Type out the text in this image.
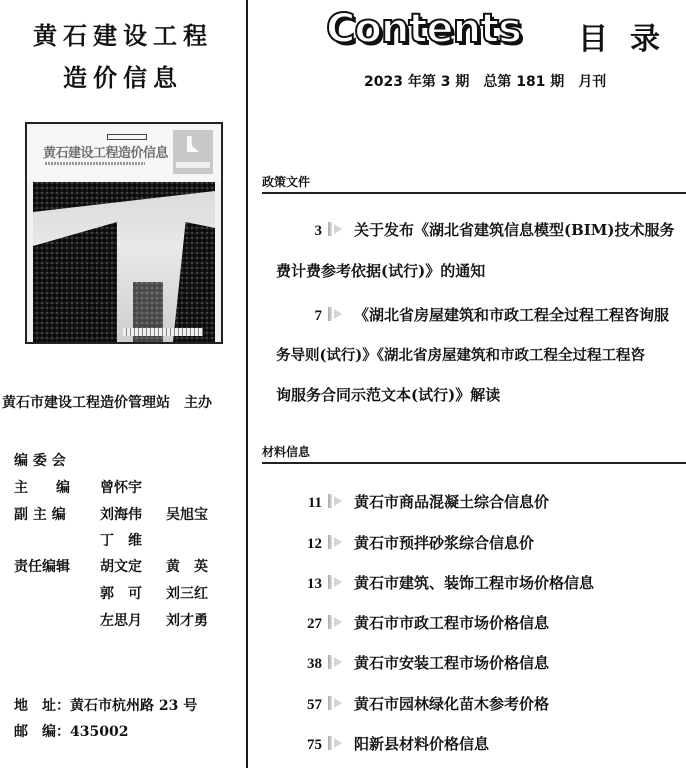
黄石建设工程
造价信息
黄石建设工程造价信息
黄石市建设工程造价管理站 主办
编 委 会
主　　编 曾怀宇
副 主 编 刘海伟 吴旭宝
丁　维
责任编辑 胡文定 黄　英
郭　可 刘三红
左思月 刘才勇
地　址：黄石市杭州路 23 号
邮　编：435002
Contents 目录
2023 年第 3 期 总第 181 期 月刊
政策文件
3 关于发布《湖北省建筑信息模型(BIM)技术服务
费计费参考依据(试行)》的通知
7 《湖北省房屋建筑和市政工程全过程工程咨询服
务导则(试行)》《湖北省房屋建筑和市政工程全过程工程咨
询服务合同示范文本(试行)》解读
材料信息
11 黄石市商品混凝土综合信息价
12 黄石市预拌砂浆综合信息价
13 黄石市建筑、装饰工程市场价格信息
27 黄石市市政工程市场价格信息
38 黄石市安装工程市场价格信息
57 黄石市园林绿化苗木参考价格
75 阳新县材料价格信息
